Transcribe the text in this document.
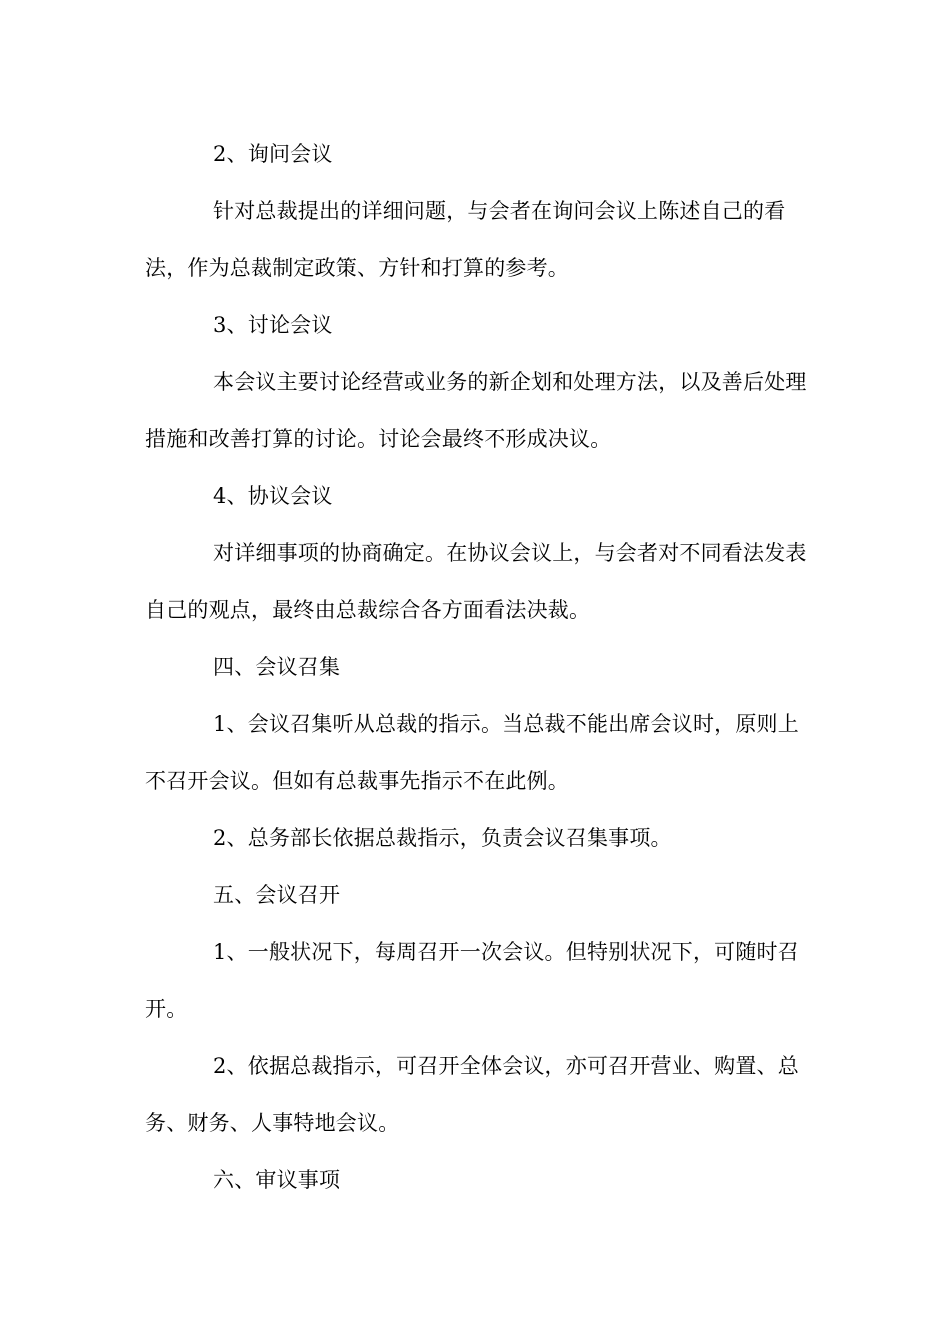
2、询问会议

针对总裁提出的详细问题，与会者在询问会议上陈述自己的看法，作为总裁制定政策、方针和打算的参考。

3、讨论会议

本会议主要讨论经营或业务的新企划和处理方法，以及善后处理措施和改善打算的讨论。讨论会最终不形成决议。

4、协议会议

对详细事项的协商确定。在协议会议上，与会者对不同看法发表自己的观点，最终由总裁综合各方面看法决裁。

四、会议召集

1、会议召集听从总裁的指示。当总裁不能出席会议时，原则上不召开会议。但如有总裁事先指示不在此例。

2、总务部长依据总裁指示，负责会议召集事项。

五、会议召开

1、一般状况下，每周召开一次会议。但特别状况下，可随时召开。

2、依据总裁指示，可召开全体会议，亦可召开营业、购置、总务、财务、人事特地会议。

六、审议事项
